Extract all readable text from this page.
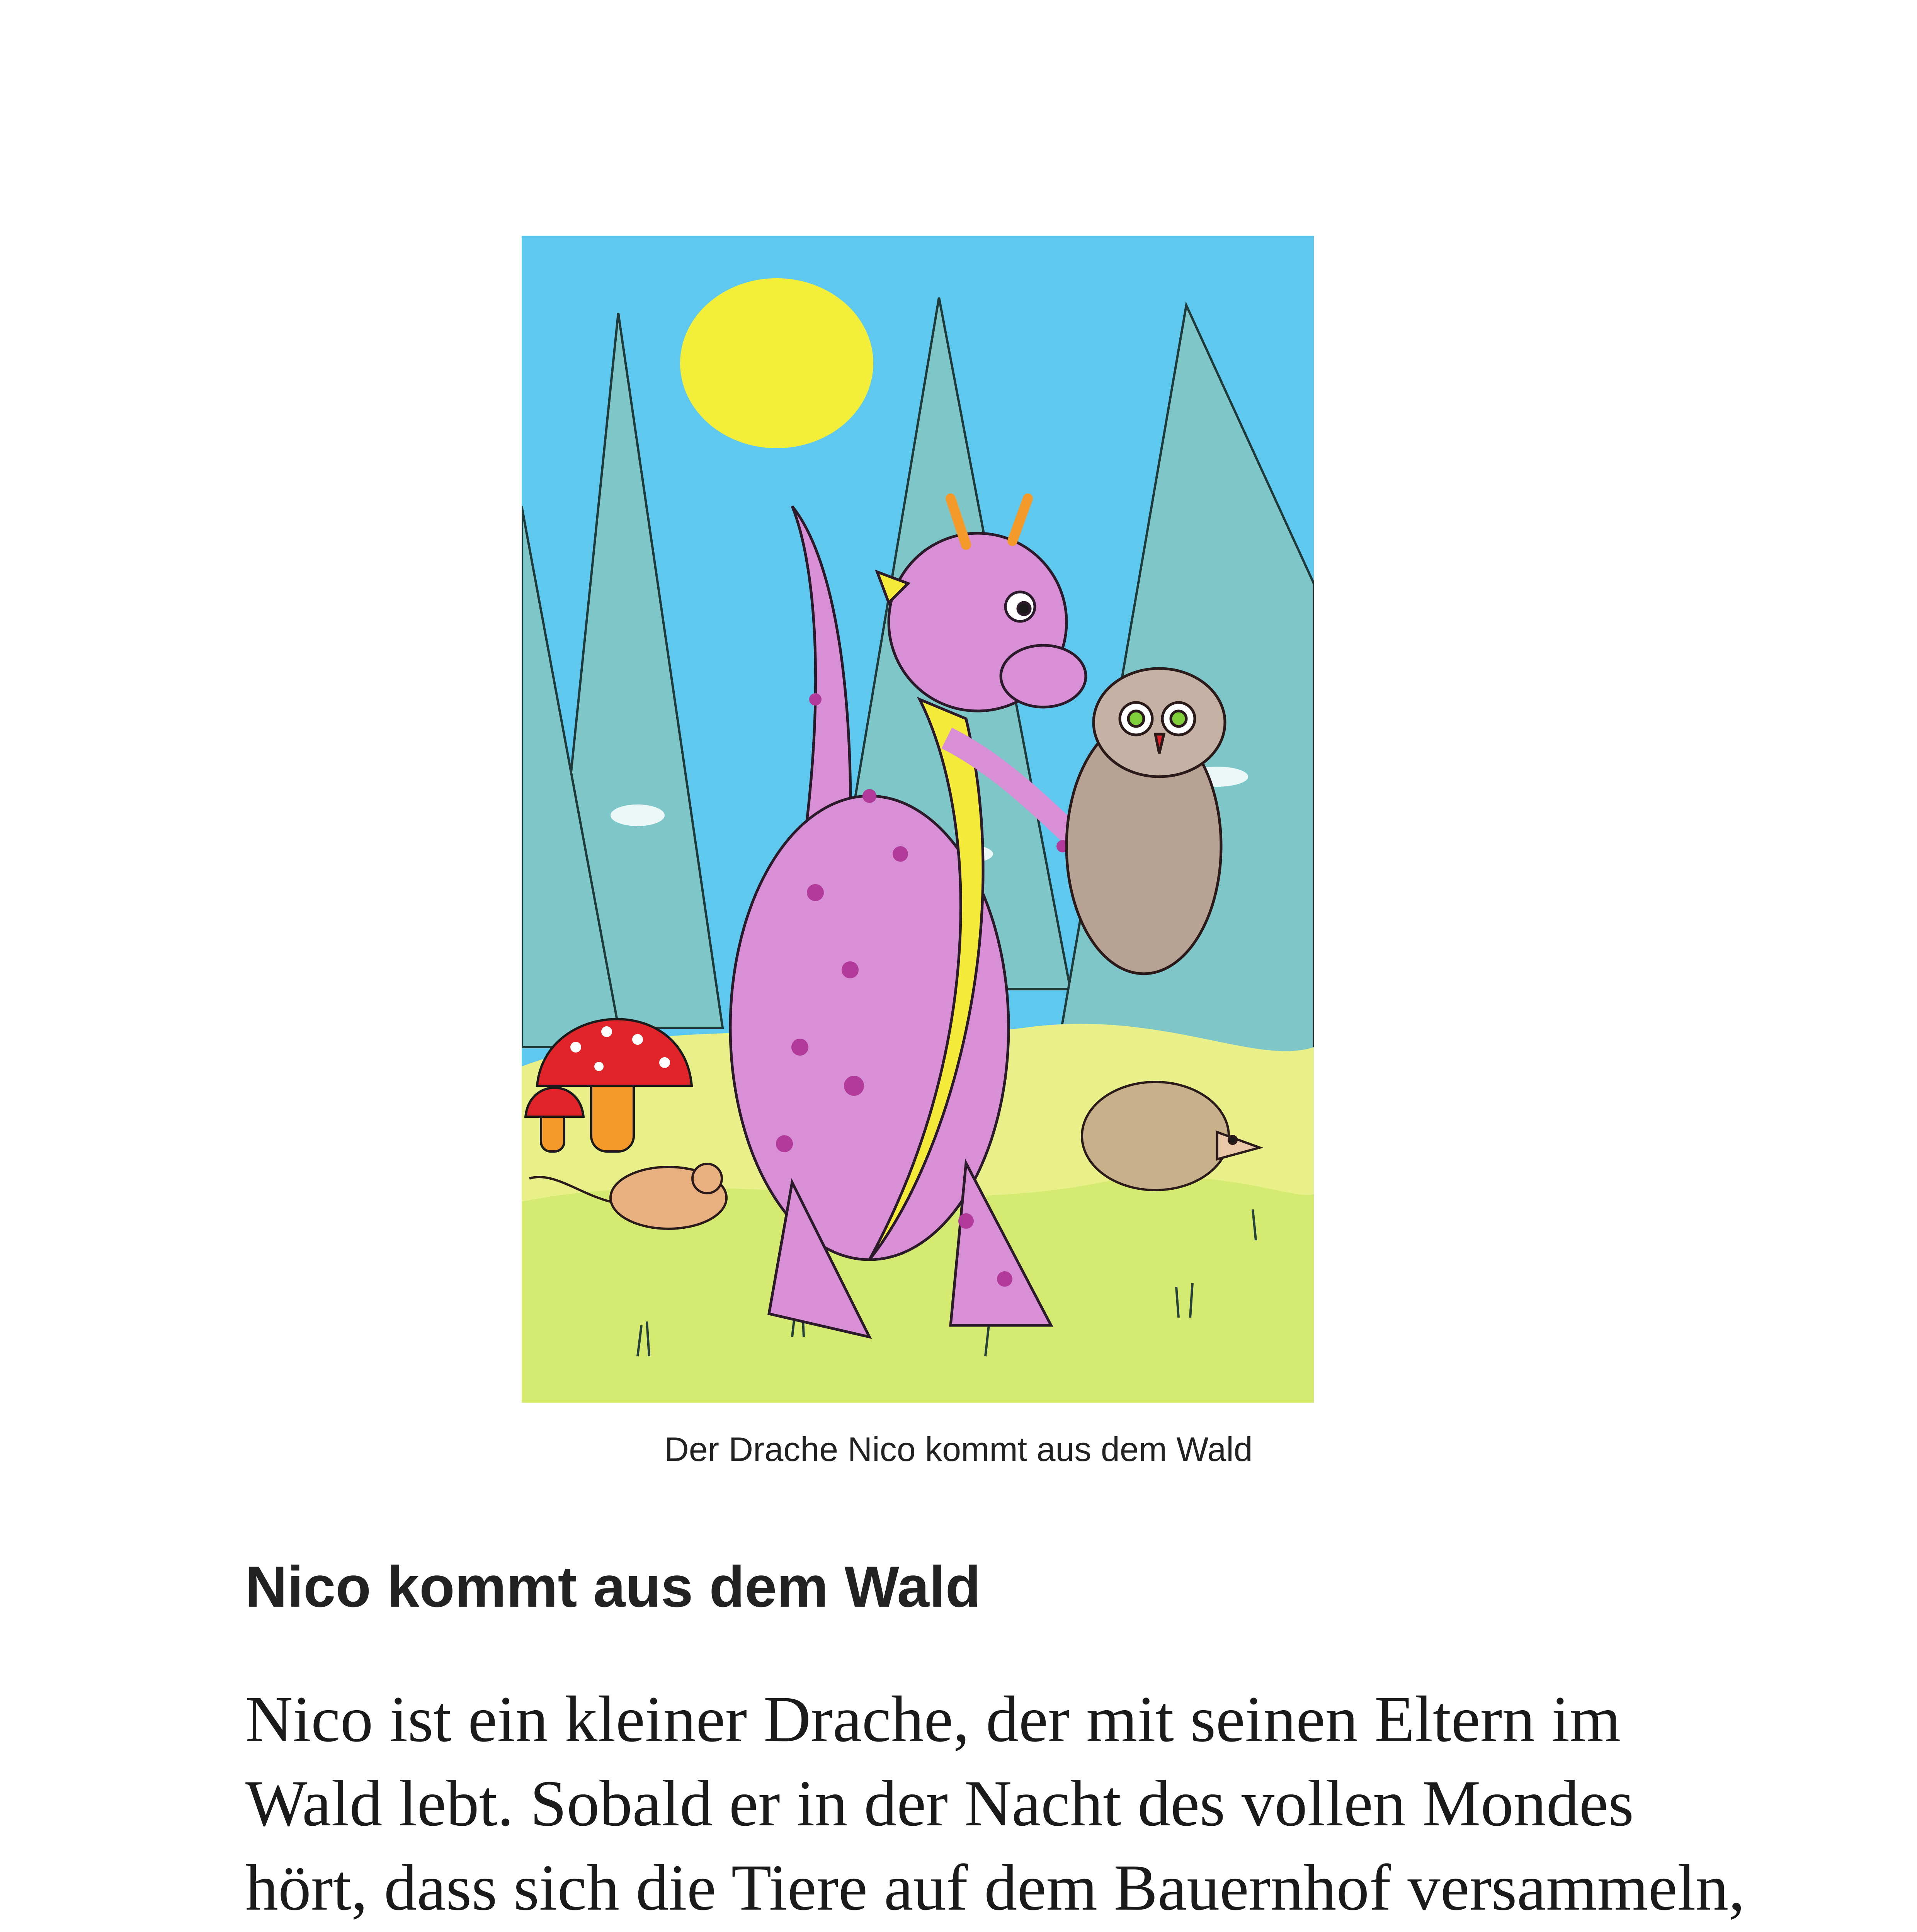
Der Drache Nico kommt aus dem Wald
Nico kommt aus dem Wald

Nico ist ein kleiner Drache, der mit seinen Eltern im
Wald lebt. Sobald er in der Nacht des vollen Mondes
hört, dass sich die Tiere auf dem Bauernhof versammeln,
